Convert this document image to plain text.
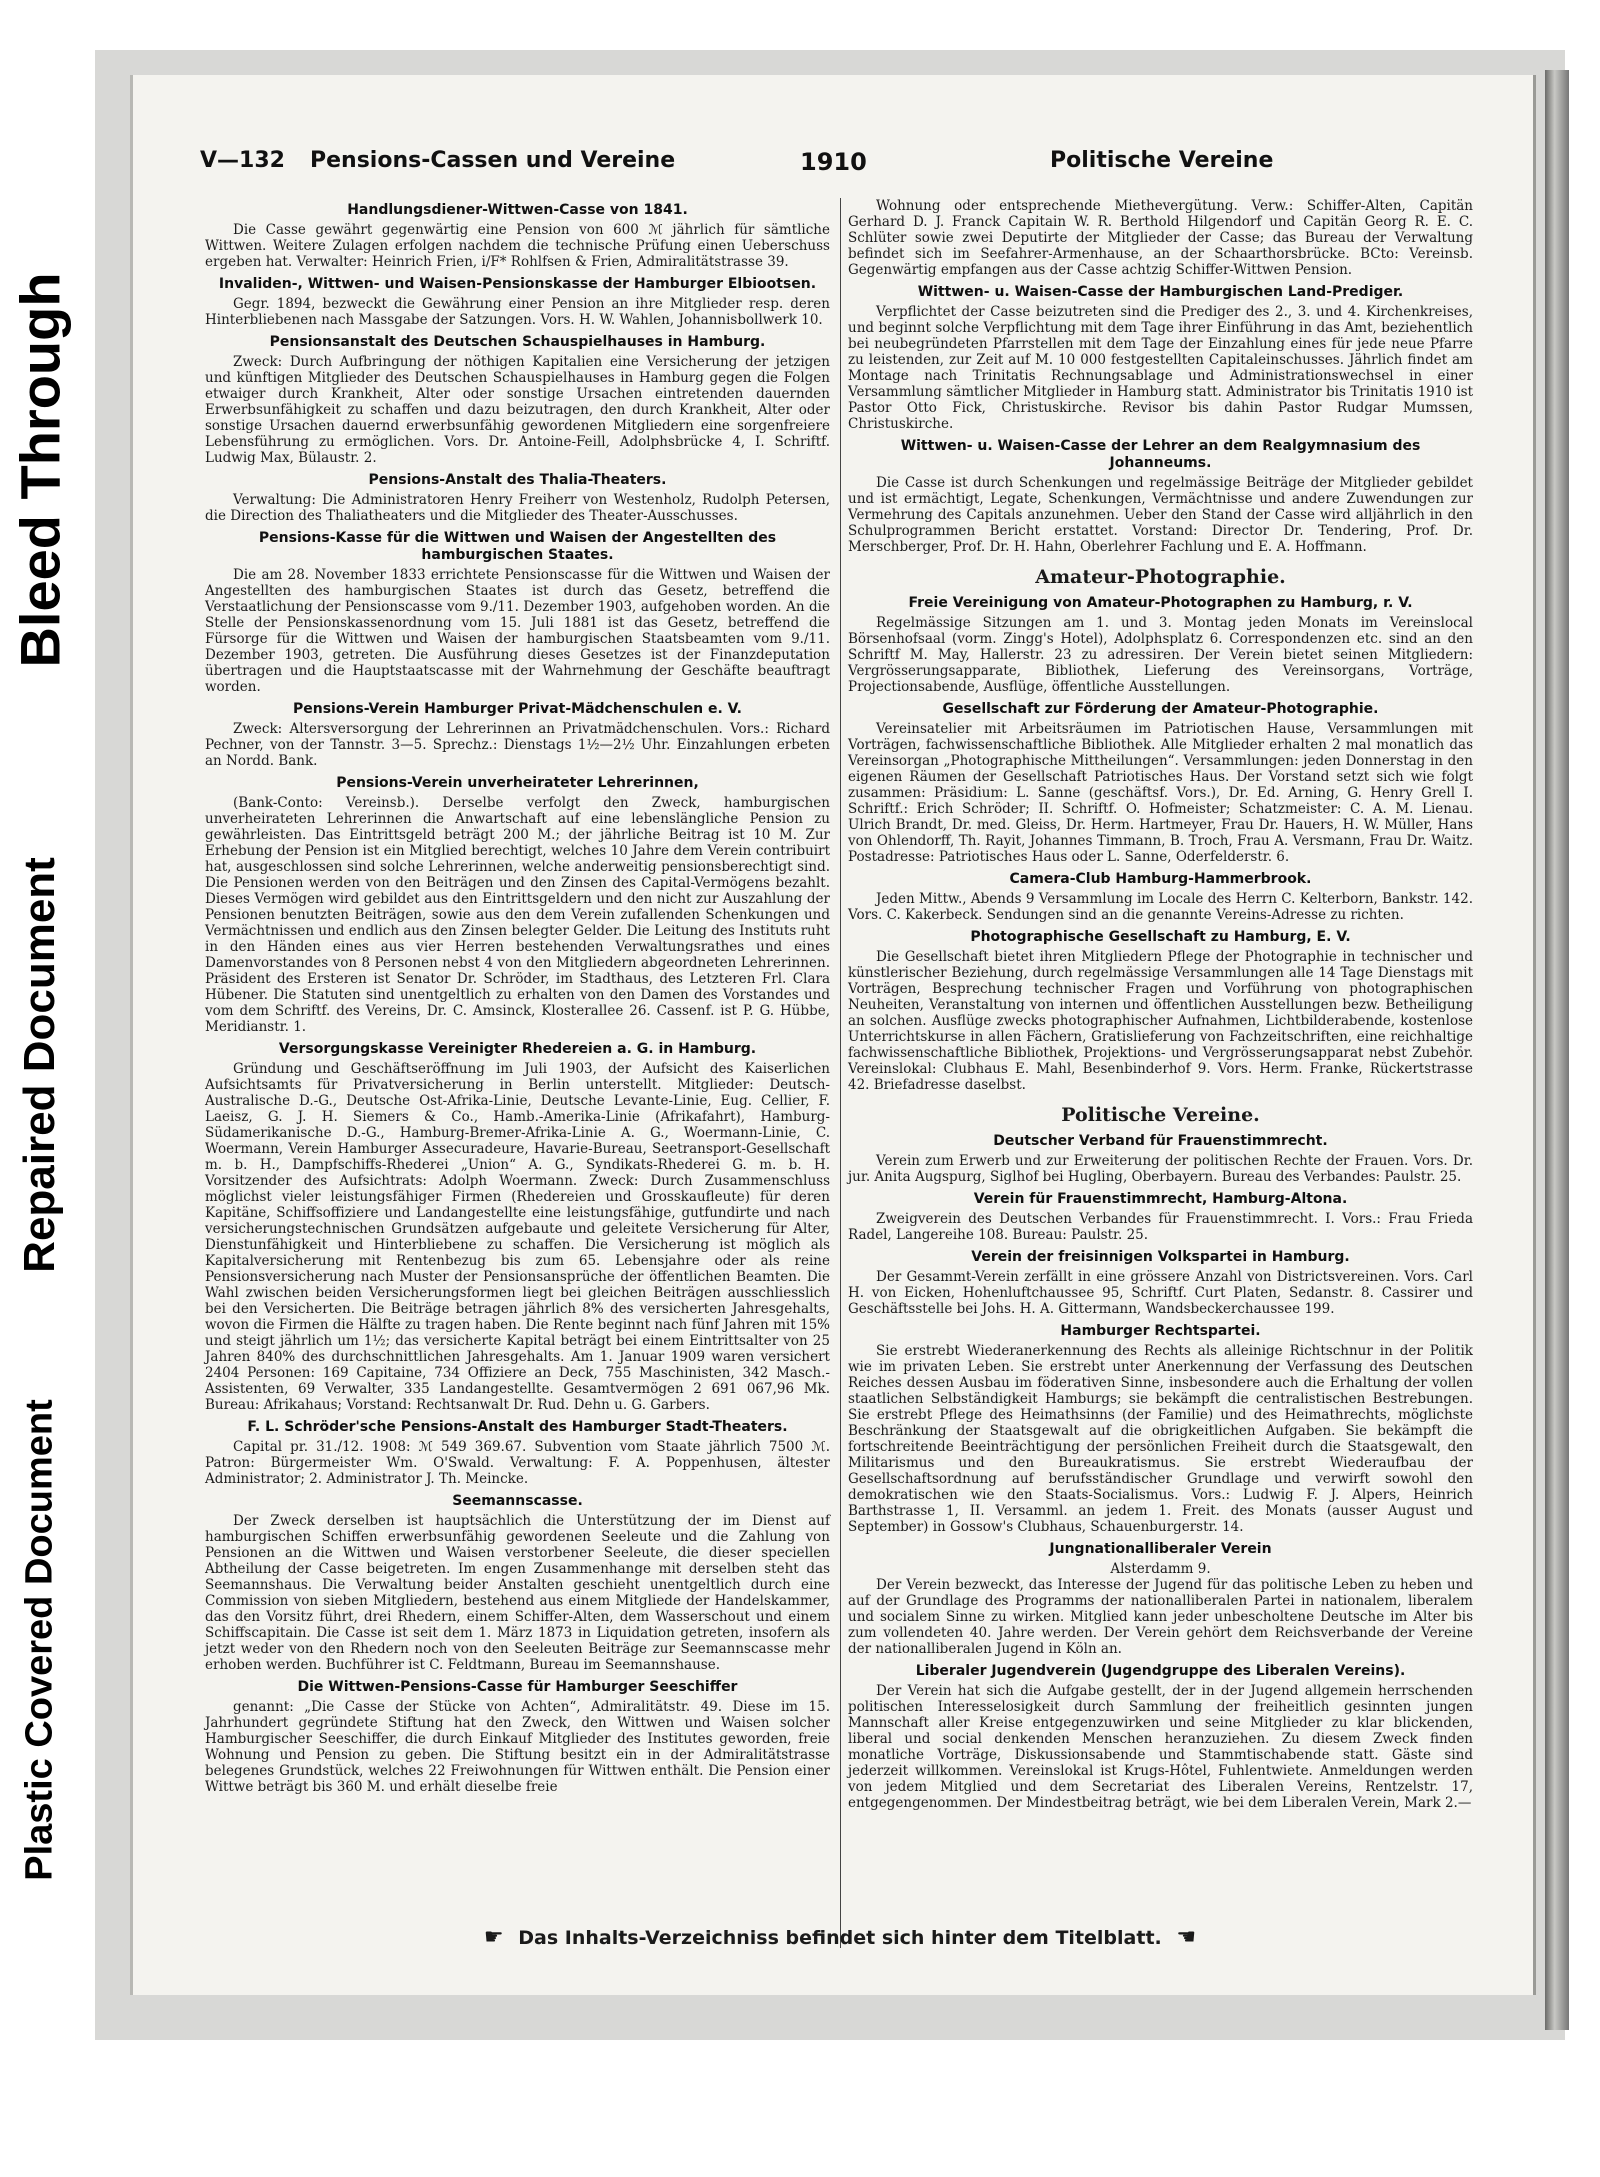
Bleed Through
Repaired Document
Plastic Covered Document
V—132 Pensions-Cassen und Vereine	1910	Politische Vereine
Handlungsdiener-Wittwen-Casse von 1841.

Die Casse gewährt gegenwärtig eine Pension von 600 ℳ jährlich für sämtliche Wittwen. Weitere Zulagen erfolgen nachdem die technische Prüfung einen Ueberschuss ergeben hat. Verwalter: Heinrich Frien, i/F* Rohlfsen & Frien, Admiralitätstrasse 39.

Invaliden-, Wittwen- und Waisen-Pensionskasse der Hamburger Elbiootsen.

Gegr. 1894, bezweckt die Gewährung einer Pension an ihre Mitglieder resp. deren Hinterbliebenen nach Massgabe der Satzungen. Vors. H. W. Wahlen, Johannisbollwerk 10.

Pensionsanstalt des Deutschen Schauspielhauses in Hamburg.

Zweck: Durch Aufbringung der nöthigen Kapitalien eine Versicherung der jetzigen und künftigen Mitglieder des Deutschen Schauspielhauses in Hamburg gegen die Folgen etwaiger durch Krankheit, Alter oder sonstige Ursachen eintretenden dauernden Erwerbsunfähigkeit zu schaffen und dazu beizutragen, den durch Krankheit, Alter oder sonstige Ursachen dauernd erwerbsunfähig gewordenen Mitgliedern eine sorgenfreiere Lebensführung zu ermöglichen. Vors. Dr. Antoine-Feill, Adolphsbrücke 4, I. Schriftf. Ludwig Max, Bülaustr. 2.

Pensions-Anstalt des Thalia-Theaters.

Verwaltung: Die Administratoren Henry Freiherr von Westenholz, Rudolph Petersen, die Direction des Thaliatheaters und die Mitglieder des Theater-Ausschusses.

Pensions-Kasse für die Wittwen und Waisen der Angestellten des hamburgischen Staates.

Die am 28. November 1833 errichtete Pensionscasse für die Wittwen und Waisen der Angestellten des hamburgischen Staates ist durch das Gesetz, betreffend die Verstaatlichung der Pensionscasse vom 9./11. Dezember 1903, aufgehoben worden. An die Stelle der Pensionskassenordnung vom 15. Juli 1881 ist das Gesetz, betreffend die Fürsorge für die Wittwen und Waisen der hamburgischen Staatsbeamten vom 9./11. Dezember 1903, getreten. Die Ausführung dieses Gesetzes ist der Finanzdeputation übertragen und die Hauptstaatscasse mit der Wahrnehmung der Geschäfte beauftragt worden.

Pensions-Verein Hamburger Privat-Mädchenschulen e. V.

Zweck: Altersversorgung der Lehrerinnen an Privatmädchenschulen. Vors.: Richard Pechner, von der Tannstr. 3—5. Sprechz.: Dienstags 1½—2½ Uhr. Einzahlungen erbeten an Nordd. Bank.

Pensions-Verein unverheirateter Lehrerinnen,

(Bank-Conto: Vereinsb.). Derselbe verfolgt den Zweck, hamburgischen unverheirateten Lehrerinnen die Anwartschaft auf eine lebenslängliche Pension zu gewährleisten. Das Eintrittsgeld beträgt 200 M.; der jährliche Beitrag ist 10 M. Zur Erhebung der Pension ist ein Mitglied berechtigt, welches 10 Jahre dem Verein contribuirt hat, ausgeschlossen sind solche Lehrerinnen, welche anderweitig pensionsberechtigt sind. Die Pensionen werden von den Beiträgen und den Zinsen des Capital-Vermögens bezahlt. Dieses Vermögen wird gebildet aus den Eintrittsgeldern und den nicht zur Auszahlung der Pensionen benutzten Beiträgen, sowie aus den dem Verein zufallenden Schenkungen und Vermächtnissen und endlich aus den Zinsen belegter Gelder. Die Leitung des Instituts ruht in den Händen eines aus vier Herren bestehenden Verwaltungsrathes und eines Damenvorstandes von 8 Personen nebst 4 von den Mitgliedern abgeordneten Lehrerinnen. Präsident des Ersteren ist Senator Dr. Schröder, im Stadthaus, des Letzteren Frl. Clara Hübener. Die Statuten sind unentgeltlich zu erhalten von den Damen des Vorstandes und vom dem Schriftf. des Vereins, Dr. C. Amsinck, Klosterallee 26. Cassenf. ist P. G. Hübbe, Meridianstr. 1.

Versorgungskasse Vereinigter Rhedereien a. G. in Hamburg.

Gründung und Geschäftseröffnung im Juli 1903, der Aufsicht des Kaiserlichen Aufsichtsamts für Privatversicherung in Berlin unterstellt. Mitglieder: Deutsch-Australische D.-G., Deutsche Ost-Afrika-Linie, Deutsche Levante-Linie, Eug. Cellier, F. Laeisz, G. J. H. Siemers & Co., Hamb.-Amerika-Linie (Afrikafahrt), Hamburg-Südamerikanische D.-G., Hamburg-Bremer-Afrika-Linie A. G., Woermann-Linie, C. Woermann, Verein Hamburger Assecuradeure, Havarie-Bureau, Seetransport-Gesellschaft m. b. H., Dampfschiffs-Rhederei „Union“ A. G., Syndikats-Rhederei G. m. b. H. Vorsitzender des Aufsichtrats: Adolph Woermann. Zweck: Durch Zusammenschluss möglichst vieler leistungsfähiger Firmen (Rhedereien und Grosskaufleute) für deren Kapitäne, Schiffsoffiziere und Landangestellte eine leistungsfähige, gutfundirte und nach versicherungstechnischen Grundsätzen aufgebaute und geleitete Versicherung für Alter, Dienstunfähigkeit und Hinterbliebene zu schaffen. Die Versicherung ist möglich als Kapitalversicherung mit Rentenbezug bis zum 65. Lebensjahre oder als reine Pensionsversicherung nach Muster der Pensionsansprüche der öffentlichen Beamten. Die Wahl zwischen beiden Versicherungsformen liegt bei gleichen Beiträgen ausschliesslich bei den Versicherten. Die Beiträge betragen jährlich 8% des versicherten Jahresgehalts, wovon die Firmen die Hälfte zu tragen haben. Die Rente beginnt nach fünf Jahren mit 15% und steigt jährlich um 1½; das versicherte Kapital beträgt bei einem Eintrittsalter von 25 Jahren 840% des durchschnittlichen Jahresgehalts. Am 1. Januar 1909 waren versichert 2404 Personen: 169 Capitaine, 734 Offiziere an Deck, 755 Maschinisten, 342 Masch.-Assistenten, 69 Verwalter, 335 Landangestellte. Gesamtvermögen 2 691 067,96 Mk. Bureau: Afrikahaus; Vorstand: Rechtsanwalt Dr. Rud. Dehn u. G. Garbers.

F. L. Schröder'sche Pensions-Anstalt des Hamburger Stadt-Theaters.

Capital pr. 31./12. 1908: ℳ 549 369.67. Subvention vom Staate jährlich 7500 ℳ. Patron: Bürgermeister Wm. O'Swald. Verwaltung: F. A. Poppenhusen, ältester Administrator; 2. Administrator J. Th. Meincke.

Seemannscasse.

Der Zweck derselben ist hauptsächlich die Unterstützung der im Dienst auf hamburgischen Schiffen erwerbsunfähig gewordenen Seeleute und die Zahlung von Pensionen an die Wittwen und Waisen verstorbener Seeleute, die dieser speciellen Abtheilung der Casse beigetreten. Im engen Zusammenhange mit derselben steht das Seemannshaus. Die Verwaltung beider Anstalten geschieht unentgeltlich durch eine Commission von sieben Mitgliedern, bestehend aus einem Mitgliede der Handelskammer, das den Vorsitz führt, drei Rhedern, einem Schiffer-Alten, dem Wasserschout und einem Schiffscapitain. Die Casse ist seit dem 1. März 1873 in Liquidation getreten, insofern als jetzt weder von den Rhedern noch von den Seeleuten Beiträge zur Seemannscasse mehr erhoben werden. Buchführer ist C. Feldtmann, Bureau im Seemannshause.

Die Wittwen-Pensions-Casse für Hamburger Seeschiffer

genannt: „Die Casse der Stücke von Achten“, Admiralitätstr. 49. Diese im 15. Jahrhundert gegründete Stiftung hat den Zweck, den Wittwen und Waisen solcher Hamburgischer Seeschiffer, die durch Einkauf Mitglieder des Institutes geworden, freie Wohnung und Pension zu geben. Die Stiftung besitzt ein in der Admiralitätstrasse belegenes Grundstück, welches 22 Freiwohnungen für Wittwen enthält. Die Pension einer Wittwe beträgt bis 360 M. und erhält dieselbe freie

Wohnung oder entsprechende Miethevergütung. Verw.: Schiffer-Alten, Capitän Gerhard D. J. Franck Capitain W. R. Berthold Hilgendorf und Capitän Georg R. E. C. Schlüter sowie zwei Deputirte der Mitglieder der Casse; das Bureau der Verwaltung befindet sich im Seefahrer-Armenhause, an der Schaarthorsbrücke. BCto: Vereinsb. Gegenwärtig empfangen aus der Casse achtzig Schiffer-Wittwen Pension.

Wittwen- u. Waisen-Casse der Hamburgischen Land-Prediger.

Verpflichtet der Casse beizutreten sind die Prediger des 2., 3. und 4. Kirchenkreises, und beginnt solche Verpflichtung mit dem Tage ihrer Einführung in das Amt, beziehentlich bei neubegründeten Pfarrstellen mit dem Tage der Einzahlung eines für jede neue Pfarre zu leistenden, zur Zeit auf M. 10 000 festgestellten Capitaleinschusses. Jährlich findet am Montage nach Trinitatis Rechnungsablage und Administrationswechsel in einer Versammlung sämtlicher Mitglieder in Hamburg statt. Administrator bis Trinitatis 1910 ist Pastor Otto Fick, Christuskirche. Revisor bis dahin Pastor Rudgar Mumssen, Christuskirche.

Wittwen- u. Waisen-Casse der Lehrer an dem Realgymnasium des Johanneums.

Die Casse ist durch Schenkungen und regelmässige Beiträge der Mitglieder gebildet und ist ermächtigt, Legate, Schenkungen, Vermächtnisse und andere Zuwendungen zur Vermehrung des Capitals anzunehmen. Ueber den Stand der Casse wird alljährlich in den Schulprogrammen Bericht erstattet. Vorstand: Director Dr. Tendering, Prof. Dr. Merschberger, Prof. Dr. H. Hahn, Oberlehrer Fachlung und E. A. Hoffmann.

Amateur-Photographie.
Freie Vereinigung von Amateur-Photographen zu Hamburg, r. V.

Regelmässige Sitzungen am 1. und 3. Montag jeden Monats im Vereinslocal Börsenhofsaal (vorm. Zingg's Hotel), Adolphsplatz 6. Correspondenzen etc. sind an den Schriftf M. May, Hallerstr. 23 zu adressiren. Der Verein bietet seinen Mitgliedern: Vergrösserungsapparate, Bibliothek, Lieferung des Vereinsorgans, Vorträge, Projectionsabende, Ausflüge, öffentliche Ausstellungen.

Gesellschaft zur Förderung der Amateur-Photographie.

Vereinsatelier mit Arbeitsräumen im Patriotischen Hause, Versammlungen mit Vorträgen, fachwissenschaftliche Bibliothek. Alle Mitglieder erhalten 2 mal monatlich das Vereinsorgan „Photographische Mittheilungen“. Versammlungen: jeden Donnerstag in den eigenen Räumen der Gesellschaft Patriotisches Haus. Der Vorstand setzt sich wie folgt zusammen: Präsidium: L. Sanne (geschäftsf. Vors.), Dr. Ed. Arning, G. Henry Grell I. Schriftf.: Erich Schröder; II. Schriftf. O. Hofmeister; Schatzmeister: C. A. M. Lienau. Ulrich Brandt, Dr. med. Gleiss, Dr. Herm. Hartmeyer, Frau Dr. Hauers, H. W. Müller, Hans von Ohlendorff, Th. Rayit, Johannes Timmann, B. Troch, Frau A. Versmann, Frau Dr. Waitz. Postadresse: Patriotisches Haus oder L. Sanne, Oderfelderstr. 6.

Camera-Club Hamburg-Hammerbrook.

Jeden Mittw., Abends 9 Versammlung im Locale des Herrn C. Kelterborn, Bankstr. 142. Vors. C. Kakerbeck. Sendungen sind an die genannte Vereins-Adresse zu richten.

Photographische Gesellschaft zu Hamburg, E. V.

Die Gesellschaft bietet ihren Mitgliedern Pflege der Photographie in technischer und künstlerischer Beziehung, durch regelmässige Versammlungen alle 14 Tage Dienstags mit Vorträgen, Besprechung technischer Fragen und Vorführung von photographischen Neuheiten, Veranstaltung von internen und öffentlichen Ausstellungen bezw. Betheiligung an solchen. Ausflüge zwecks photographischer Aufnahmen, Lichtbilderabende, kostenlose Unterrichtskurse in allen Fächern, Gratislieferung von Fachzeitschriften, eine reichhaltige fachwissenschaftliche Bibliothek, Projektions- und Vergrösserungsapparat nebst Zubehör. Vereinslokal: Clubhaus E. Mahl, Besenbinderhof 9. Vors. Herm. Franke, Rückertstrasse 42. Briefadresse daselbst.

Politische Vereine.
Deutscher Verband für Frauenstimmrecht.

Verein zum Erwerb und zur Erweiterung der politischen Rechte der Frauen. Vors. Dr. jur. Anita Augspurg, Siglhof bei Hugling, Oberbayern. Bureau des Verbandes: Paulstr. 25.

Verein für Frauenstimmrecht, Hamburg-Altona.

Zweigverein des Deutschen Verbandes für Frauenstimmrecht. I. Vors.: Frau Frieda Radel, Langereihe 108. Bureau: Paulstr. 25.

Verein der freisinnigen Volkspartei in Hamburg.

Der Gesammt-Verein zerfällt in eine grössere Anzahl von Districtsvereinen. Vors. Carl H. von Eicken, Hohenluftchaussee 95, Schriftf. Curt Platen, Sedanstr. 8. Cassirer und Geschäftsstelle bei Johs. H. A. Gittermann, Wandsbeckerchaussee 199.

Hamburger Rechtspartei.

Sie erstrebt Wiederanerkennung des Rechts als alleinige Richtschnur in der Politik wie im privaten Leben. Sie erstrebt unter Anerkennung der Verfassung des Deutschen Reiches dessen Ausbau im föderativen Sinne, insbesondere auch die Erhaltung der vollen staatlichen Selbständigkeit Hamburgs; sie bekämpft die centralistischen Bestrebungen. Sie erstrebt Pflege des Heimathsinns (der Familie) und des Heimathrechts, möglichste Beschränkung der Staatsgewalt auf die obrigkeitlichen Aufgaben. Sie bekämpft die fortschreitende Beeinträchtigung der persönlichen Freiheit durch die Staatsgewalt, den Militarismus und den Bureaukratismus. Sie erstrebt Wiederaufbau der Gesellschaftsordnung auf berufsständischer Grundlage und verwirft sowohl den demokratischen wie den Staats-Socialismus. Vors.: Ludwig F. J. Alpers, Heinrich Barthstrasse 1, II. Versamml. an jedem 1. Freit. des Monats (ausser August und September) in Gossow's Clubhaus, Schauenburgerstr. 14.

Jungnationalliberaler Verein
Alsterdamm 9.

Der Verein bezweckt, das Interesse der Jugend für das politische Leben zu heben und auf der Grundlage des Programms der nationalliberalen Partei in nationalem, liberalem und socialem Sinne zu wirken. Mitglied kann jeder unbescholtene Deutsche im Alter bis zum vollendeten 40. Jahre werden. Der Verein gehört dem Reichsverbande der Vereine der nationalliberalen Jugend in Köln an.

Liberaler Jugendverein (Jugendgruppe des Liberalen Vereins).

Der Verein hat sich die Aufgabe gestellt, der in der Jugend allgemein herrschenden politischen Interesselosigkeit durch Sammlung der freiheitlich gesinnten jungen Mannschaft aller Kreise entgegenzuwirken und seine Mitglieder zu klar blickenden, liberal und social denkenden Menschen heranzuziehen. Zu diesem Zweck finden monatliche Vorträge, Diskussionsabende und Stammtischabende statt. Gäste sind jederzeit willkommen. Vereinslokal ist Krugs-Hôtel, Fuhlentwiete. Anmeldungen werden von jedem Mitglied und dem Secretariat des Liberalen Vereins, Rentzelstr. 17, entgegengenommen. Der Mindestbeitrag beträgt, wie bei dem Liberalen Verein, Mark 2.—

☛ Das Inhalts-Verzeichniss befindet sich hinter dem Titelblatt. ☚
